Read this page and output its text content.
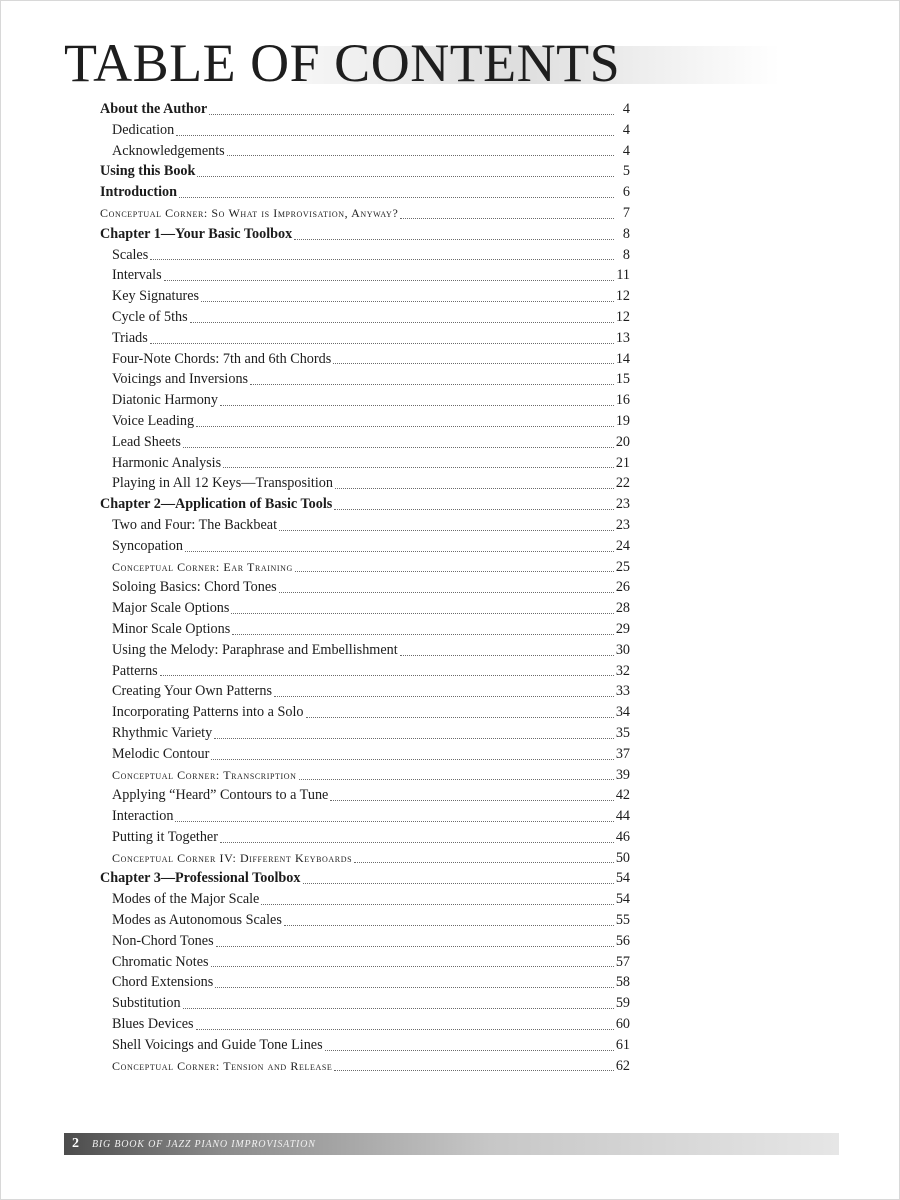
TABLE OF CONTENTS
About the Author	4
Dedication	4
Acknowledgements	4
Using this Book	5
Introduction	6
Conceptual Corner: So What is Improvisation, Anyway?	7
Chapter 1—Your Basic Toolbox	8
Scales	8
Intervals	11
Key Signatures	12
Cycle of 5ths	12
Triads	13
Four-Note Chords: 7th and 6th Chords	14
Voicings and Inversions	15
Diatonic Harmony	16
Voice Leading	19
Lead Sheets	20
Harmonic Analysis	21
Playing in All 12 Keys—Transposition	22
Chapter 2—Application of Basic Tools	23
Two and Four: The Backbeat	23
Syncopation	24
Conceptual Corner: Ear Training	25
Soloing Basics: Chord Tones	26
Major Scale Options	28
Minor Scale Options	29
Using the Melody: Paraphrase and Embellishment	30
Patterns	32
Creating Your Own Patterns	33
Incorporating Patterns into a Solo	34
Rhythmic Variety	35
Melodic Contour	37
Conceptual Corner: Transcription	39
Applying “Heard” Contours to a Tune	42
Interaction	44
Putting it Together	46
Conceptual Corner IV: Different Keyboards	50
Chapter 3—Professional Toolbox	54
Modes of the Major Scale	54
Modes as Autonomous Scales	55
Non-Chord Tones	56
Chromatic Notes	57
Chord Extensions	58
Substitution	59
Blues Devices	60
Shell Voicings and Guide Tone Lines	61
Conceptual Corner: Tension and Release	62
2	BIG BOOK OF JAZZ PIANO IMPROVISATION
